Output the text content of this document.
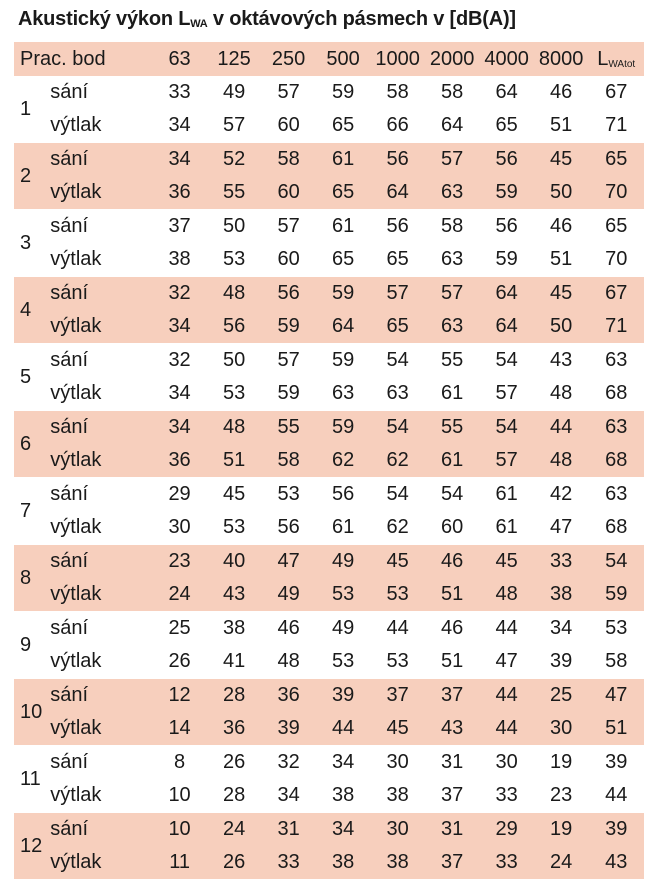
Akustický výkon LWA v oktávových pásmech v [dB(A)]
Prac. bod		63	125	250	500	1000	2000	4000	8000	LWAtot
1	sání	33	49	57	59	58	58	64	46	67
	výtlak	34	57	60	65	66	64	65	51	71
2	sání	34	52	58	61	56	57	56	45	65
	výtlak	36	55	60	65	64	63	59	50	70
3	sání	37	50	57	61	56	58	56	46	65
	výtlak	38	53	60	65	65	63	59	51	70
4	sání	32	48	56	59	57	57	64	45	67
	výtlak	34	56	59	64	65	63	64	50	71
5	sání	32	50	57	59	54	55	54	43	63
	výtlak	34	53	59	63	63	61	57	48	68
6	sání	34	48	55	59	54	55	54	44	63
	výtlak	36	51	58	62	62	61	57	48	68
7	sání	29	45	53	56	54	54	61	42	63
	výtlak	30	53	56	61	62	60	61	47	68
8	sání	23	40	47	49	45	46	45	33	54
	výtlak	24	43	49	53	53	51	48	38	59
9	sání	25	38	46	49	44	46	44	34	53
	výtlak	26	41	48	53	53	51	47	39	58
10	sání	12	28	36	39	37	37	44	25	47
	výtlak	14	36	39	44	45	43	44	30	51
11	sání	8	26	32	34	30	31	30	19	39
	výtlak	10	28	34	38	38	37	33	23	44
12	sání	10	24	31	34	30	31	29	19	39
	výtlak	11	26	33	38	38	37	33	24	43
